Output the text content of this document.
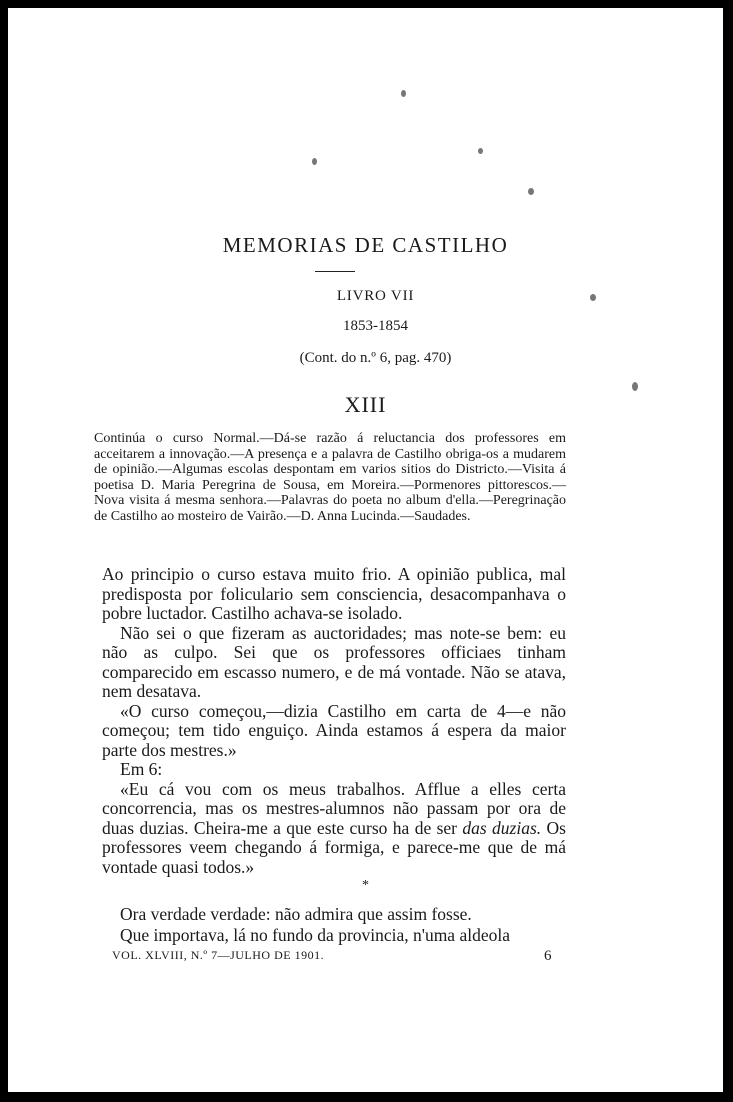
MEMORIAS DE CASTILHO
LIVRO VII
1853-1854
(Cont. do n.º 6, pag. 470)
XIII
Continúa o curso Normal.—Dá-se razão á reluctancia dos professores em acceitarem a innovação.—A presença e a palavra de Castilho obriga-os a mudarem de opinião.—Algumas escolas despontam em varios sitios do Districto.—Visita á poetisa D. Maria Peregrina de Sousa, em Moreira.—Pormenores pittorescos.—Nova visita á mesma senhora.—Palavras do poeta no album d'ella.—Peregrinação de Castilho ao mosteiro de Vairão.—D. Anna Lucinda.—Saudades.

Ao principio o curso estava muito frio. A opinião publica, mal predisposta por foliculario sem consciencia, desacompanhava o pobre luctador. Castilho achava-se isolado.

Não sei o que fizeram as auctoridades; mas note-se bem: eu não as culpo. Sei que os professores officiaes tinham comparecido em escasso numero, e de má vontade. Não se atava, nem desatava.

«O curso começou,—dizia Castilho em carta de 4—e não começou; tem tido enguiço. Ainda estamos á espera da maior parte dos mestres.»

Em 6:

«Eu cá vou com os meus trabalhos. Afflue a elles certa concorrencia, mas os mestres-alumnos não passam por ora de duas duzias. Cheira-me a que este curso ha de ser das duzias. Os professores veem chegando á formiga, e parece-me que de má vontade quasi todos.»

*

Ora verdade verdade: não admira que assim fosse.

Que importava, lá no fundo da provincia, n'uma aldeola

VOL. XLVIII, N.º 7—JULHO DE 1901.	6
